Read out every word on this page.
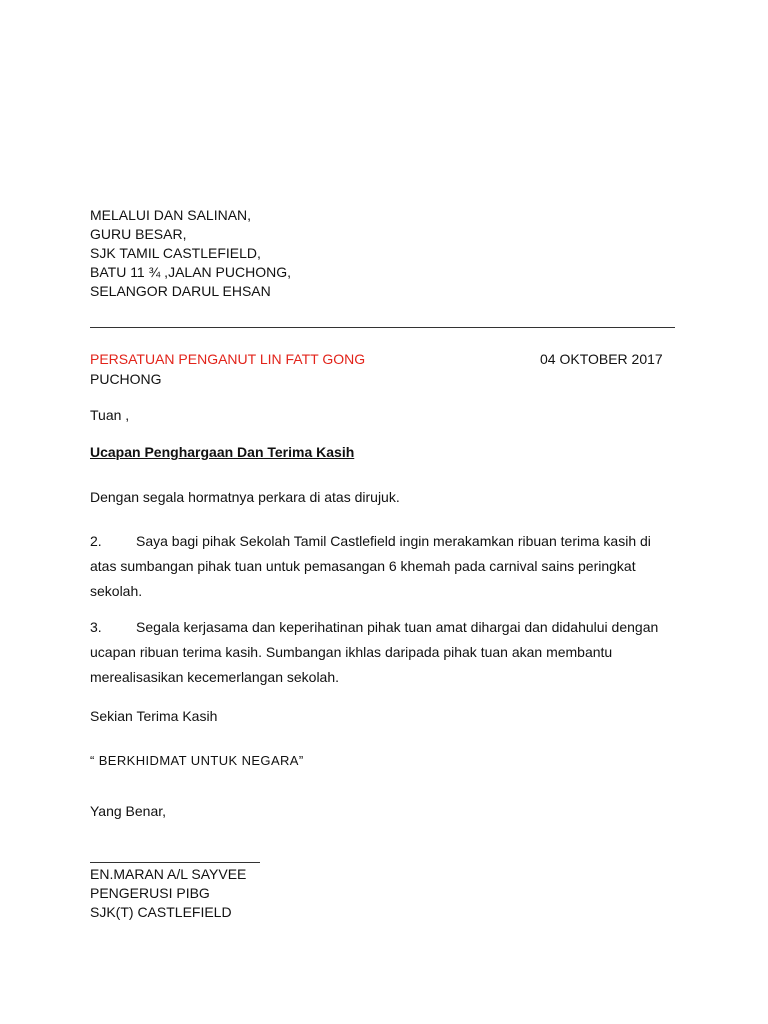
MELALUI DAN SALINAN,
GURU BESAR,
SJK TAMIL CASTLEFIELD,
BATU 11 ¾ ,JALAN PUCHONG,
SELANGOR DARUL EHSAN
PERSATUAN PENGANUT LIN FATT GONG	04 OKTOBER 2017
PUCHONG
Tuan ,
Ucapan Penghargaan Dan Terima Kasih
Dengan segala hormatnya perkara di atas dirujuk.
2. Saya bagi pihak Sekolah Tamil Castlefield ingin merakamkan ribuan terima kasih di
atas sumbangan pihak tuan untuk pemasangan 6 khemah pada carnival sains peringkat
sekolah.
3. Segala kerjasama dan keperihatinan pihak tuan amat dihargai dan didahului dengan
ucapan ribuan terima kasih. Sumbangan ikhlas daripada pihak tuan akan membantu
merealisasikan kecemerlangan sekolah.
Sekian Terima Kasih
“ BERKHIDMAT UNTUK NEGARA”
Yang Benar,
EN.MARAN A/L SAYVEE
PENGERUSI PIBG
SJK(T) CASTLEFIELD
